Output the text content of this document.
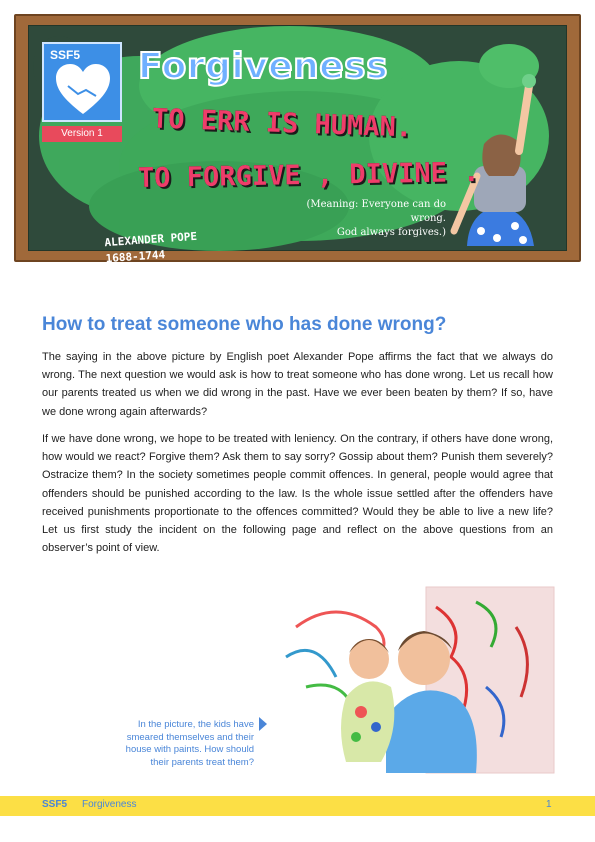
ALEXANDER POPE
1688-1744
SSF5
Version 1
Forgiveness
TO ERR IS HUMAN.
TO FORGIVE , DIVINE .
(Meaning: Everyone can do wrong.
God always forgives.)
How to treat someone who has done wrong?

The saying in the above picture by English poet Alexander Pope affirms the fact that we always do wrong. The next question we would ask is how to treat someone who has done wrong. Let us recall how our parents treated us when we did wrong in the past. Have we ever been beaten by them? If so, have we done wrong again afterwards?

If we have done wrong, we hope to be treated with leniency. On the contrary, if others have done wrong, how would we react? Forgive them? Ask them to say sorry? Gossip about them? Punish them severely? Ostracize them? In the society sometimes people commit offences. In general, people would agree that offenders should be punished according to the law. Is the whole issue settled after the offenders have received punishments proportionate to the offences committed? Would they be able to live a new life? Let us first study the incident on the following page and reflect on the above questions from an observer’s point of view.

In the picture, the kids have smeared themselves and their house with paints. How should their parents treat them?
SSF5 Forgiveness	1
